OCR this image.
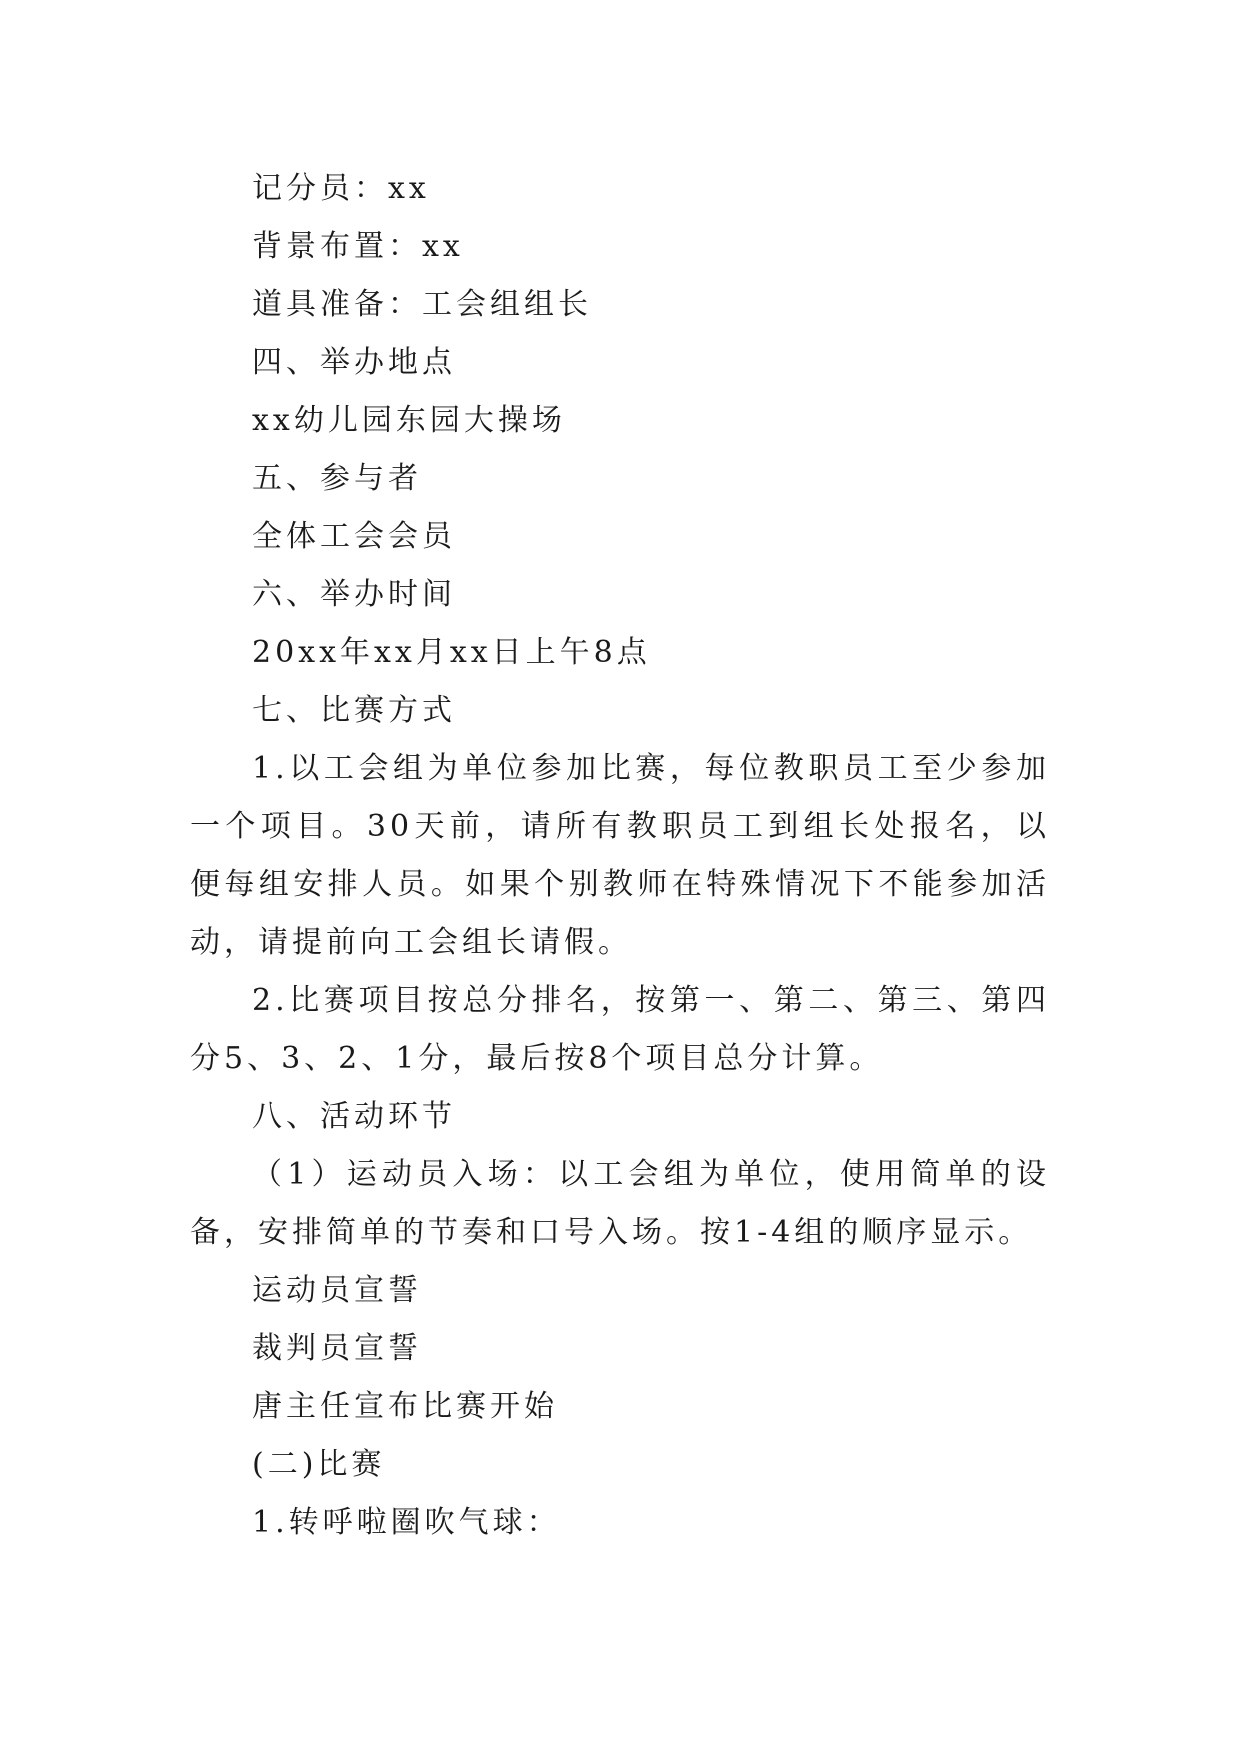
记分员：xx

背景布置：xx

道具准备：工会组组长

四、举办地点

xx幼儿园东园大操场

五、参与者

全体工会会员

六、举办时间

20xx年xx月xx日上午8点

七、比赛方式

1.以工会组为单位参加比赛，每位教职员工至少参加一个项目。30天前，请所有教职员工到组长处报名，以便每组安排人员。如果个别教师在特殊情况下不能参加活动，请提前向工会组长请假。

2.比赛项目按总分排名，按第一、第二、第三、第四分5、3、2、1分，最后按8个项目总分计算。

八、活动环节

（1）运动员入场：以工会组为单位，使用简单的设备，安排简单的节奏和口号入场。按1-4组的顺序显示。

运动员宣誓

裁判员宣誓

唐主任宣布比赛开始

(二)比赛

1.转呼啦圈吹气球：
